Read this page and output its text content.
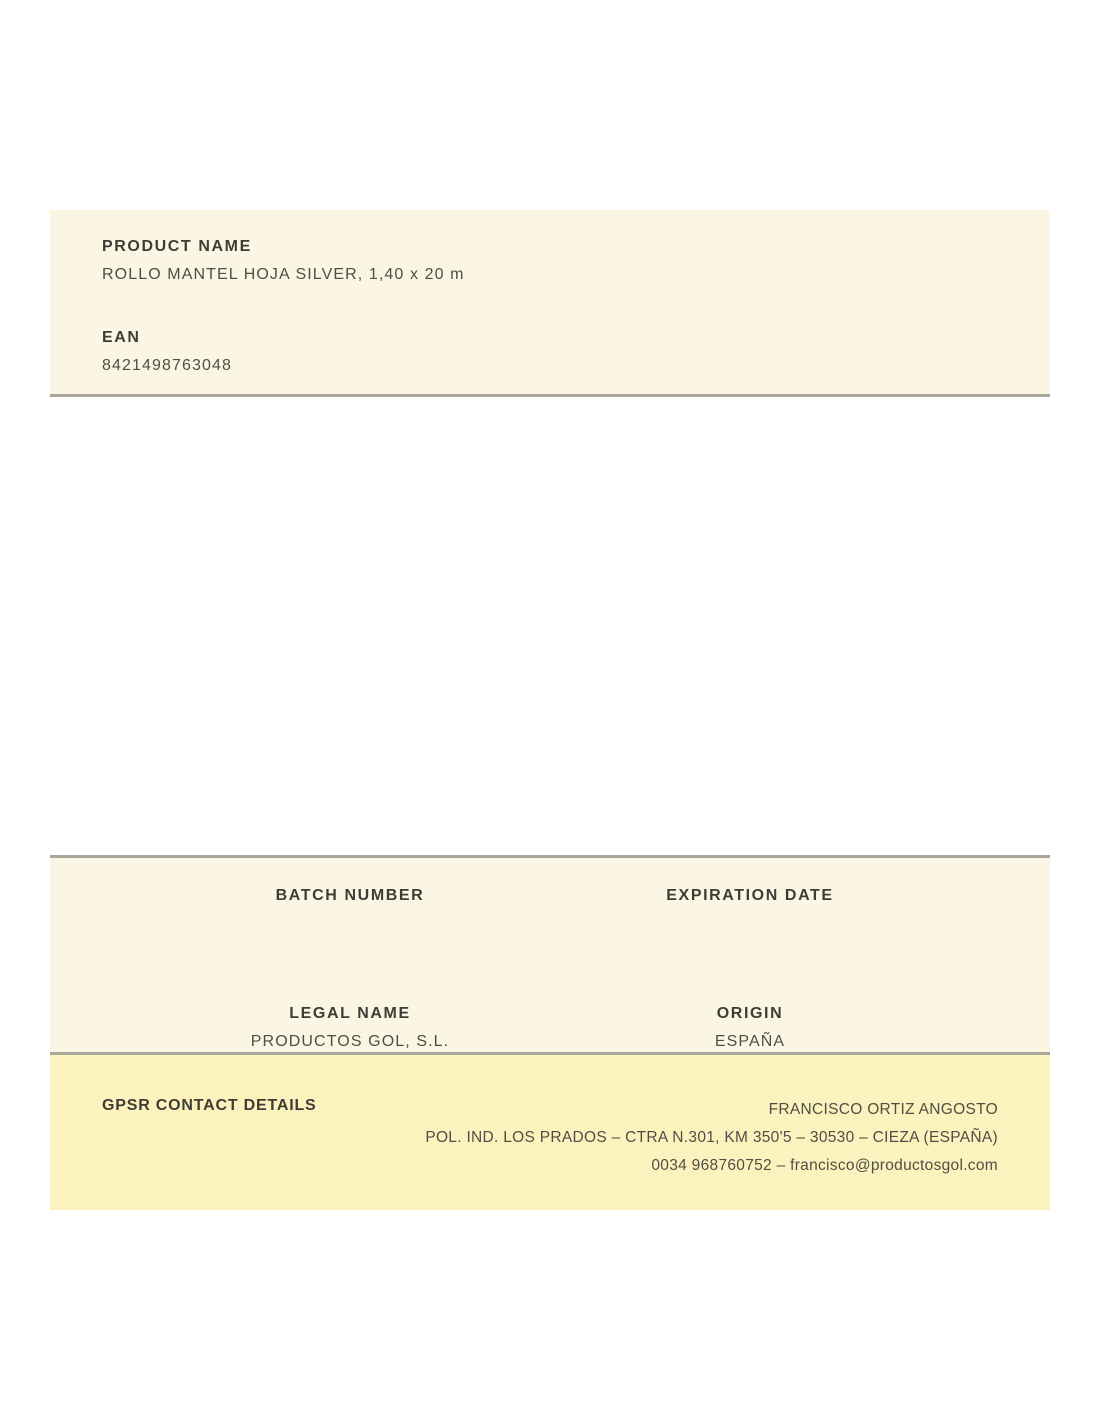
PRODUCT NAME
ROLLO MANTEL HOJA SILVER, 1,40 x 20 m
EAN
8421498763048
BATCH NUMBER	EXPIRATION DATE
LEGAL NAME
PRODUCTOS GOL, S.L.
ORIGIN
ESPAÑA
GPSR CONTACT DETAILS	FRANCISCO ORTIZ ANGOSTO
POL. IND. LOS PRADOS – CTRA N.301, KM 350'5 – 30530 – CIEZA (ESPAÑA)
0034 968760752 – francisco@productosgol.com
